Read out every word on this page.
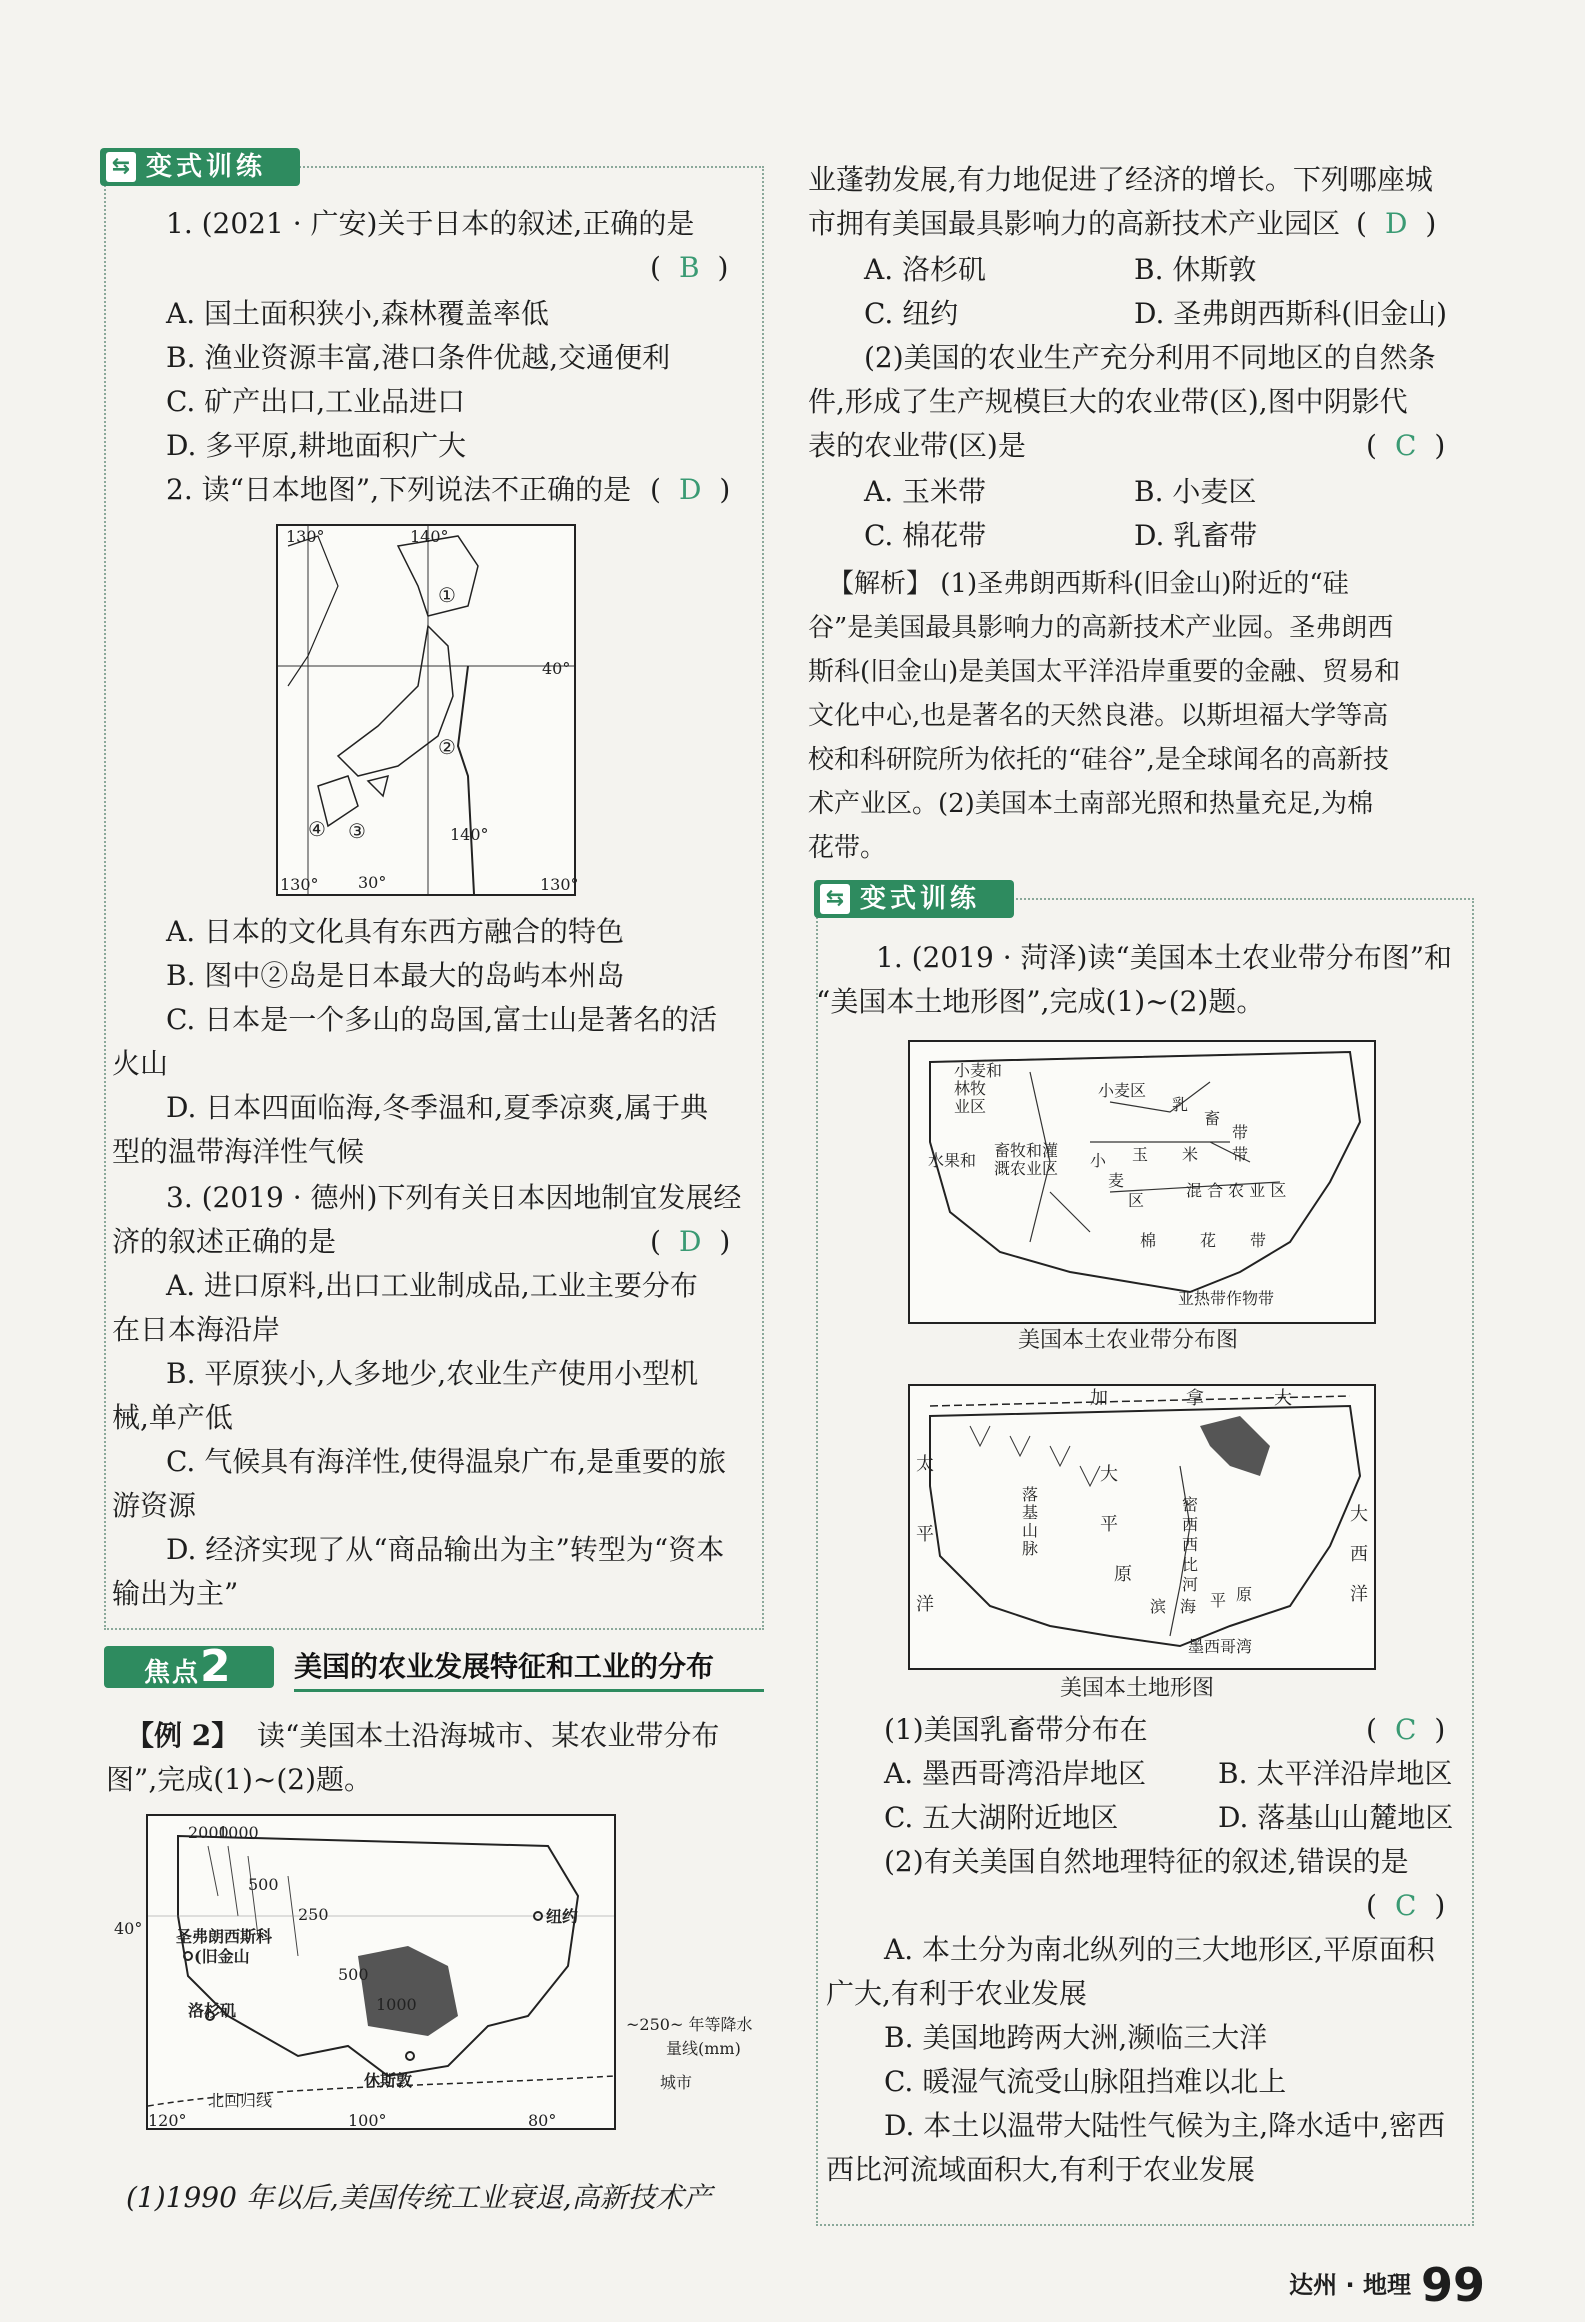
⇆ 变式训练
1. (2021 · 广安)关于日本的叙述,正确的是
( B )
A. 国土面积狭小,森林覆盖率低
B. 渔业资源丰富,港口条件优越,交通便利
C. 矿产出口,工业品进口
D. 多平原,耕地面积广大
2. 读“日本地图”,下列说法不正确的是 ( D )
130°	140°
40°
140°
30°
130°	130°
①
②
③
④
A. 日本的文化具有东西方融合的特色
B. 图中②岛是日本最大的岛屿本州岛
C. 日本是一个多山的岛国,富士山是著名的活
火山
D. 日本四面临海,冬季温和,夏季凉爽,属于典
型的温带海洋性气候
3. (2019 · 德州)下列有关日本因地制宜发展经
济的叙述正确的是	( D )
A. 进口原料,出口工业制成品,工业主要分布
在日本海沿岸
B. 平原狭小,人多地少,农业生产使用小型机
械,单产低
C. 气候具有海洋性,使得温泉广布,是重要的旅
游资源
D. 经济实现了从“商品输出为主”转型为“资本
输出为主”
焦点2	美国的农业发展特征和工业的分布
【例 2】 读“美国本土沿海城市、某农业带分布
图”,完成(1)~(2)题。
2000
1000
500
250
500
1000
圣弗朗西斯科
(旧金山
洛杉矶
休斯敦
纽约
北回归线
40°
120°	100°	80°
~250~ 年等降水
量线(mm)
城市
(1)1990 年以后,美国传统工业衰退,高新技术产
业蓬勃发展,有力地促进了经济的增长。下列哪座城
市拥有美国最具影响力的高新技术产业园区 ( D )
A. 洛杉矶	B. 休斯敦
C. 纽约	D. 圣弗朗西斯科(旧金山)
(2)美国的农业生产充分利用不同地区的自然条
件,形成了生产规模巨大的农业带(区),图中阴影代
表的农业带(区)是	( C )
A. 玉米带	B. 小麦区
C. 棉花带	D. 乳畜带
【解析】 (1)圣弗朗西斯科(旧金山)附近的“硅
谷”是美国最具影响力的高新技术产业园。圣弗朗西
斯科(旧金山)是美国太平洋沿岸重要的金融、贸易和
文化中心,也是著名的天然良港。以斯坦福大学等高
校和科研院所为依托的“硅谷”,是全球闻名的高新技
术产业区。(2)美国本土南部光照和热量充足,为棉
花带。
⇆ 变式训练
1. (2019 · 菏泽)读“美国本土农业带分布图”和
“美国本土地形图”,完成(1)~(2)题。
小麦和
林牧
业区
小麦区
乳
畜
带
畜牧和灌
溉农业区 小 玉 米 带
麦
区
混 合 农 业 区
棉	花 带
亚热带作物带
水果和
美国本土农业带分布图
加	拿	大
太
平
洋
落
基
山
脉
大
平
原
密
西
西
比
河
滨 海 平 原
墨西哥湾
大
西
洋
美国本土地形图
(1)美国乳畜带分布在	( C )
A. 墨西哥湾沿岸地区	B. 太平洋沿岸地区
C. 五大湖附近地区	D. 落基山山麓地区
(2)有关美国自然地理特征的叙述,错误的是
( C )
A. 本土分为南北纵列的三大地形区,平原面积
广大,有利于农业发展
B. 美国地跨两大洲,濒临三大洋
C. 暖湿气流受山脉阻挡难以北上
D. 本土以温带大陆性气候为主,降水适中,密西
西比河流域面积大,有利于农业发展
达州 · 地理 99
